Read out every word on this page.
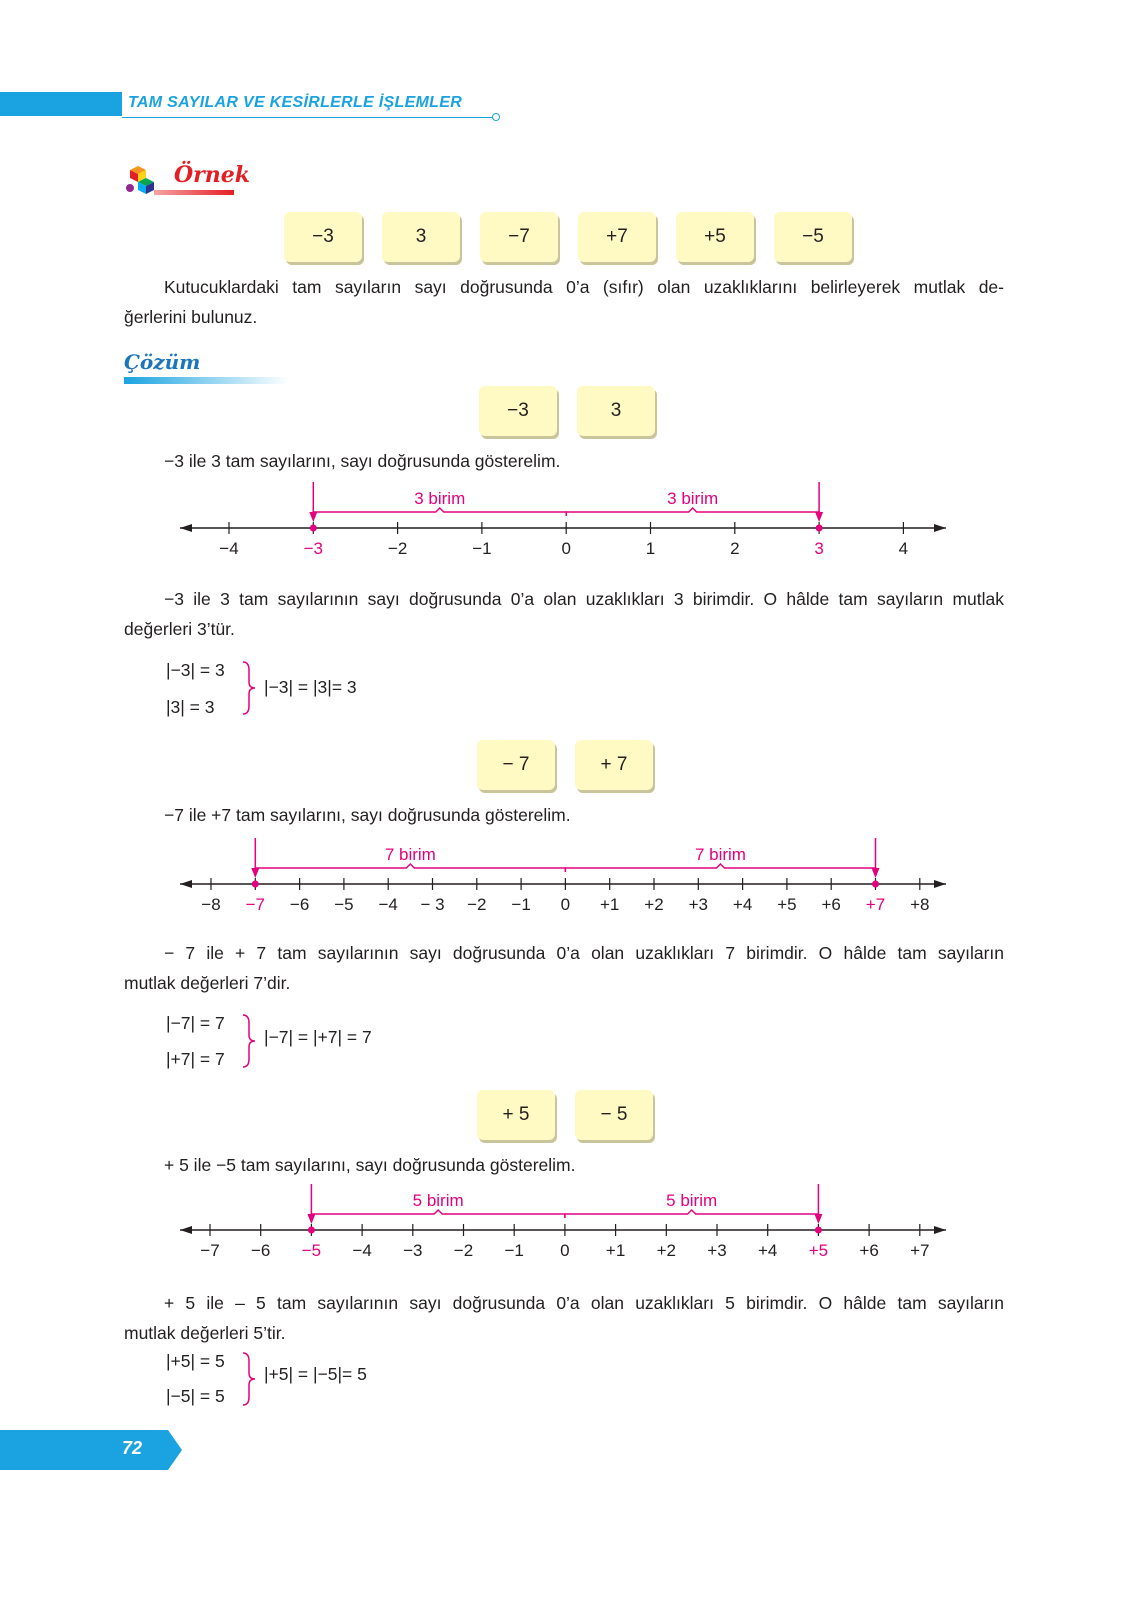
TAM SAYILAR VE KESİRLERLE İŞLEMLER
Örnek
−3	3	−7	+7	+5	−5
Kutucuklardaki tam sayıların sayı doğrusunda 0’a (sıfır) olan uzaklıklarını belirleyerek mutlak de-
ğerlerini bulunuz.
Çözüm
−3	3
−3 ile 3 tam sayılarını, sayı doğrusunda gösterelim.
−4	−3	−2	−1	0	1	2	3	4
3 birim	3 birim
−3 ile 3 tam sayılarının sayı doğrusunda 0’a olan uzaklıkları 3 birimdir. O hâlde tam sayıların mutlak
değerleri 3’tür.
|−3| = 3
|3| = 3
|−3| = |3|= 3
− 7	+ 7
−7 ile +7 tam sayılarını, sayı doğrusunda gösterelim.
−8 −7 −6 −5 −4 − 3 −2 −1 0 +1 +2 +3 +4 +5 +6 +7 +8
7 birim	7 birim
− 7 ile + 7 tam sayılarının sayı doğrusunda 0’a olan uzaklıkları 7 birimdir. O hâlde tam sayıların
mutlak değerleri 7’dir.
|−7| = 7
|+7| = 7
|−7| = |+7| = 7
+ 5	− 5
+ 5 ile −5 tam sayılarını, sayı doğrusunda gösterelim.
−7 −6 −5 −4 −3 −2 −1 0 +1 +2 +3 +4 +5 +6 +7
5 birim	5 birim
+ 5 ile – 5 tam sayılarının sayı doğrusunda 0’a olan uzaklıkları 5 birimdir. O hâlde tam sayıların
mutlak değerleri 5’tir.
|+5| = 5
|−5| = 5
|+5| = |−5|= 5
72
